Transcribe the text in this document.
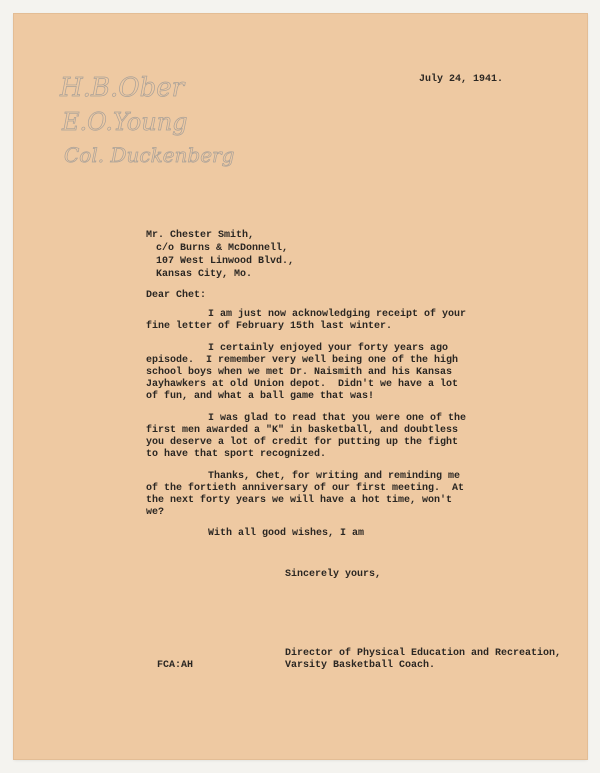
H.B.Ober
E.O.Young
Col. Duckenberg
July 24, 1941.
Mr. Chester Smith,
c/o Burns & McDonnell,
107 West Linwood Blvd.,
Kansas City, Mo.
Dear Chet:
I am just now acknowledging receipt of your
fine letter of February 15th last winter.
I certainly enjoyed your forty years ago
episode.  I remember very well being one of the high
school boys when we met Dr. Naismith and his Kansas
Jayhawkers at old Union depot.  Didn't we have a lot
of fun, and what a ball game that was!
I was glad to read that you were one of the
first men awarded a "K" in basketball, and doubtless
you deserve a lot of credit for putting up the fight
to have that sport recognized.
Thanks, Chet, for writing and reminding me
of the fortieth anniversary of our first meeting.  At
the next forty years we will have a hot time, won't
we?
With all good wishes, I am
Sincerely yours,
Director of Physical Education and Recreation,
Varsity Basketball Coach.
FCA:AH
